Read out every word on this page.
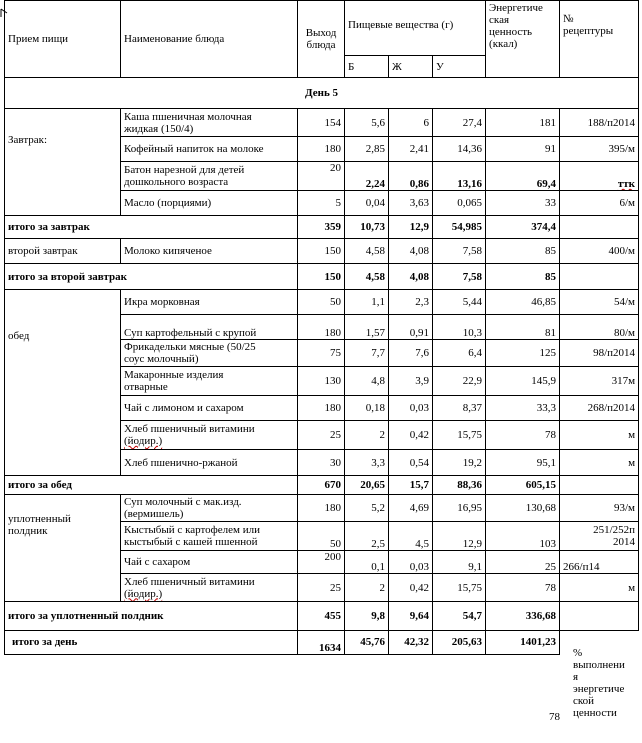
Прием пищи	Наименование блюда	Выход
блюда	Пищевые вещества (г)			Энергетиче
ская
ценность
(ккал)	№
рецептуры
			Б	Ж	У		
День 5							
Завтрак:	Каша пшеничная молочная
жидкая (150/4)	154	5,6	6	27,4	181	188/п2014
	Кофейный напиток на молоке	180	2,85	2,41	14,36	91	395/м
	Батон нарезной для детей
дошкольного возраста	20	2,24	0,86	13,16	69,4	ттк
	Масло (порциями)	5	0,04	3,63	0,065	33	6/м
итого за завтрак		359	10,73	12,9	54,985	374,4	
второй завтрак	Молоко кипяченое	150	4,58	4,08	7,58	85	400/м
итого за второй завтрак		150	4,58	4,08	7,58	85	
обед	Икра морковная	50	1,1	2,3	5,44	46,85	54/м
	Суп картофельный с крупой	180	1,57	0,91	10,3	81	80/м
	Фрикадельки мясные (50/25
соус молочный)	75	7,7	7,6	6,4	125	98/п2014
	Макаронные изделия
отварные	130	4,8	3,9	22,9	145,9	317м
	Чай с лимоном и сахаром	180	0,18	0,03	8,37	33,3	268/п2014
	Хлеб пшеничный витамини
(йодир.)	25	2	0,42	15,75	78	м
	Хлеб пшенично-ржаной	30	3,3	0,54	19,2	95,1	м
итого за обед		670	20,65	15,7	88,36	605,15	
уплотненный
полдник	Суп молочный с мак.изд.
(вермишель)	180	5,2	4,69	16,95	130,68	93/м
	Кыстыбый с картофелем или
кыстыбый с кашей пшенной	50	2,5	4,5	12,9	103	251/252п
2014
	Чай с сахаром	200	0,1	0,03	9,1	25	266/п14
	Хлеб пшеничный витамини
(йодир.)	25	2	0,42	15,75	78	м
итого за уплотненный полдник		455	9,8	9,64	54,7	336,68	
итого за день		1634	45,76	42,32	205,63	1401,23	
78
%
выполнени
я
энергетиче
ской
ценности
